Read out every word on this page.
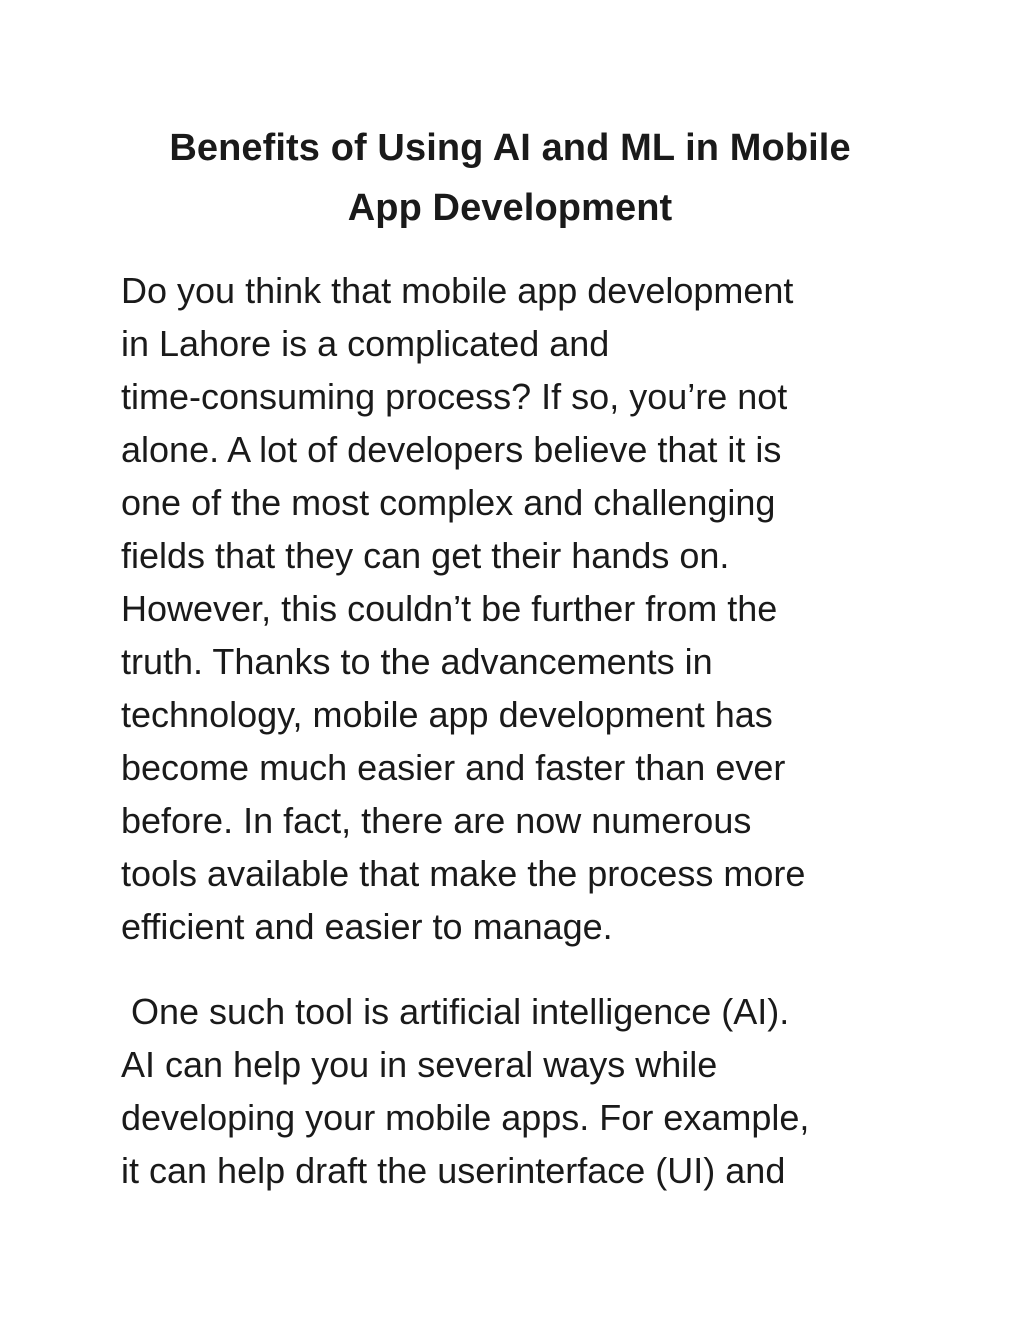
Benefits of Using AI and ML in Mobile
App Development

Do you think that mobile app development
in Lahore is a complicated and
time-consuming process? If so, you’re not
alone. A lot of developers believe that it is
one of the most complex and challenging
fields that they can get their hands on.
However, this couldn’t be further from the
truth. Thanks to the advancements in
technology, mobile app development has
become much easier and faster than ever
before. In fact, there are now numerous
tools available that make the process more
efficient and easier to manage.

One such tool is artificial intelligence (AI).
AI can help you in several ways while
developing your mobile apps. For example,
it can help draft the userinterface (UI) and
